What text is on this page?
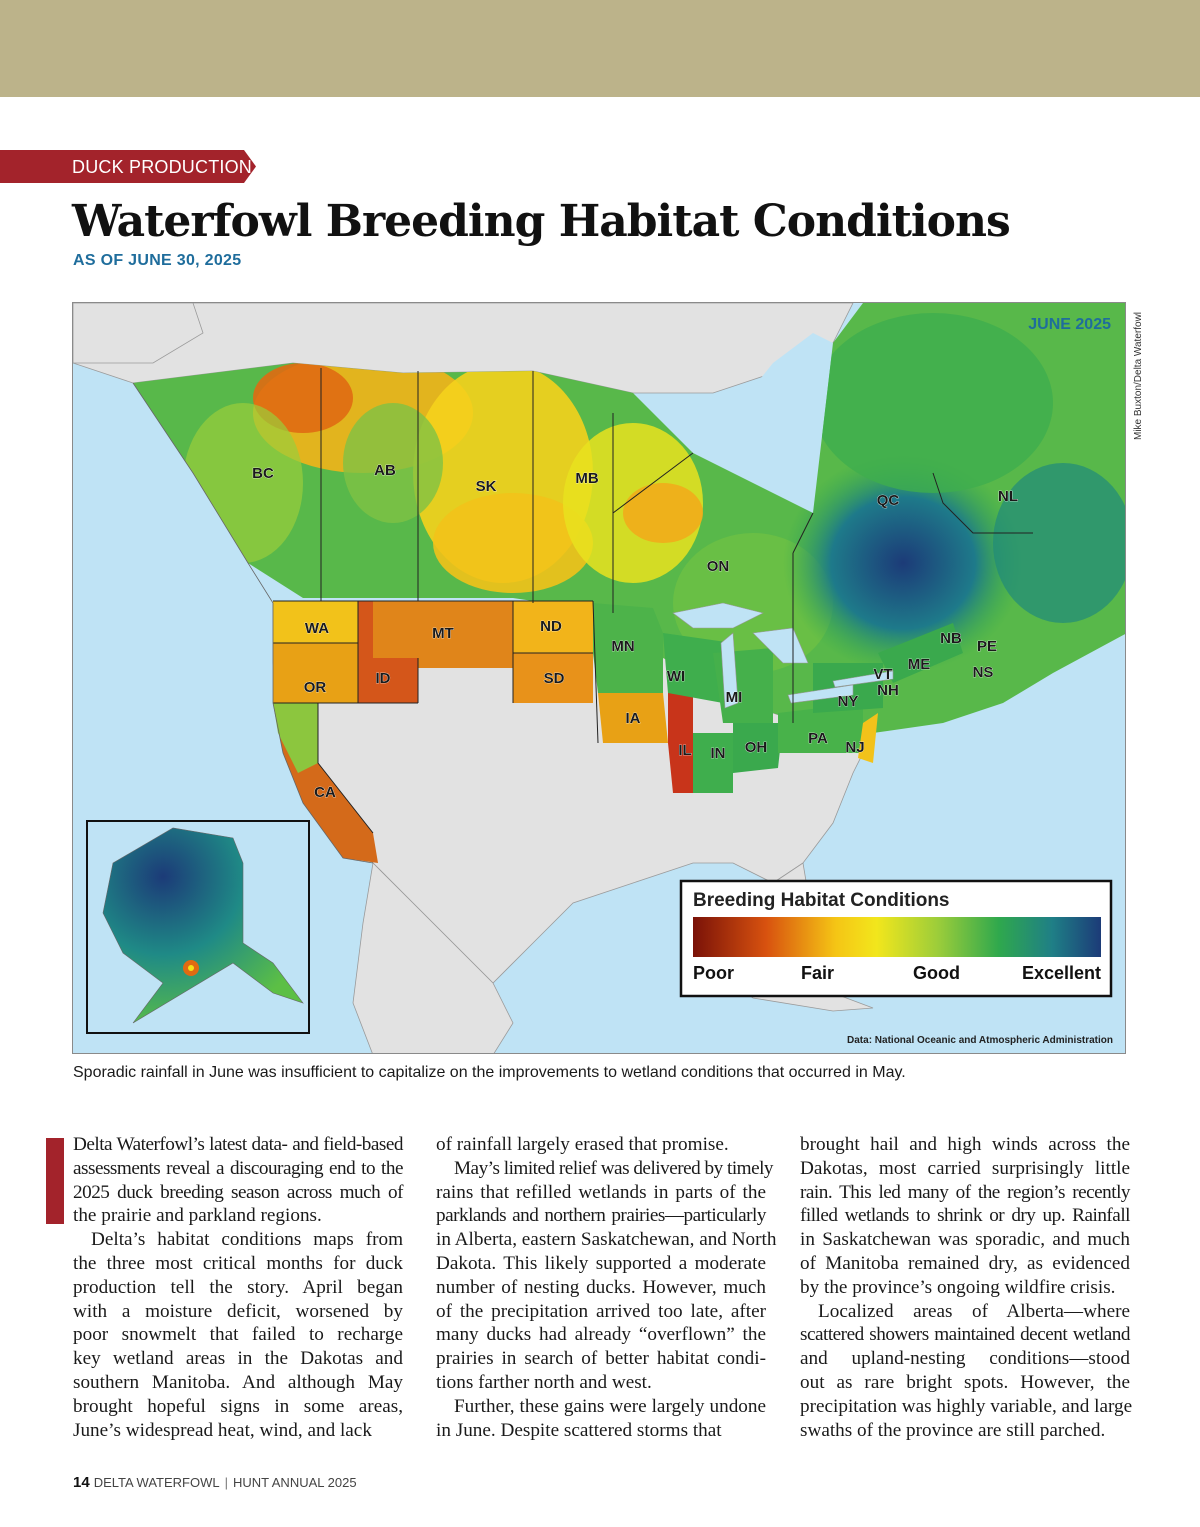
DUCK PRODUCTION
Waterfowl Breeding Habitat Conditions
AS OF JUNE 30, 2025
BC	AB
SK	MB
ON
QC	NL
WA
OR
ID
MT	ND
SD
MN
WI
MI
IA
IL IN OH
PA
NY
NJ
VT
NH
ME
NB PE
NS
CA
JUNE 2025
Data: National Oceanic and Atmospheric Administration
Breeding Habitat Conditions
Poor	Fair	Good	Excellent
Mike Buxton/Delta Waterfowl
Sporadic rainfall in June was insufficient to capitalize on the improvements to wetland conditions that occurred in May.
Delta Waterfowl’s latest data- and field-based
assessments reveal a discouraging end to the
2025 duck breeding season across much of
the prairie and parkland regions.
Delta’s habitat conditions maps from
the three most critical months for duck
production tell the story. April began
with a moisture deficit, worsened by
poor snowmelt that failed to recharge
key wetland areas in the Dakotas and
southern Manitoba. And although May
brought hopeful signs in some areas,
June’s widespread heat, wind, and lack
of rainfall largely erased that promise.
May’s limited relief was delivered by timely
rains that refilled wetlands in parts of the
parklands and northern prairies—particularly
in Alberta, eastern Saskatchewan, and North
Dakota. This likely supported a moderate
number of nesting ducks. However, much
of the precipitation arrived too late, after
many ducks had already “overflown” the
prairies in search of better habitat condi-
tions farther north and west.
Further, these gains were largely undone
in June. Despite scattered storms that
brought hail and high winds across the
Dakotas, most carried surprisingly little
rain. This led many of the region’s recently
filled wetlands to shrink or dry up. Rainfall
in Saskatchewan was sporadic, and much
of Manitoba remained dry, as evidenced
by the province’s ongoing wildfire crisis.
Localized areas of Alberta—where
scattered showers maintained decent wetland
and upland-nesting conditions—stood
out as rare bright spots. However, the
precipitation was highly variable, and large
swaths of the province are still parched.
14 DELTA WATERFOWL | HUNT ANNUAL 2025
